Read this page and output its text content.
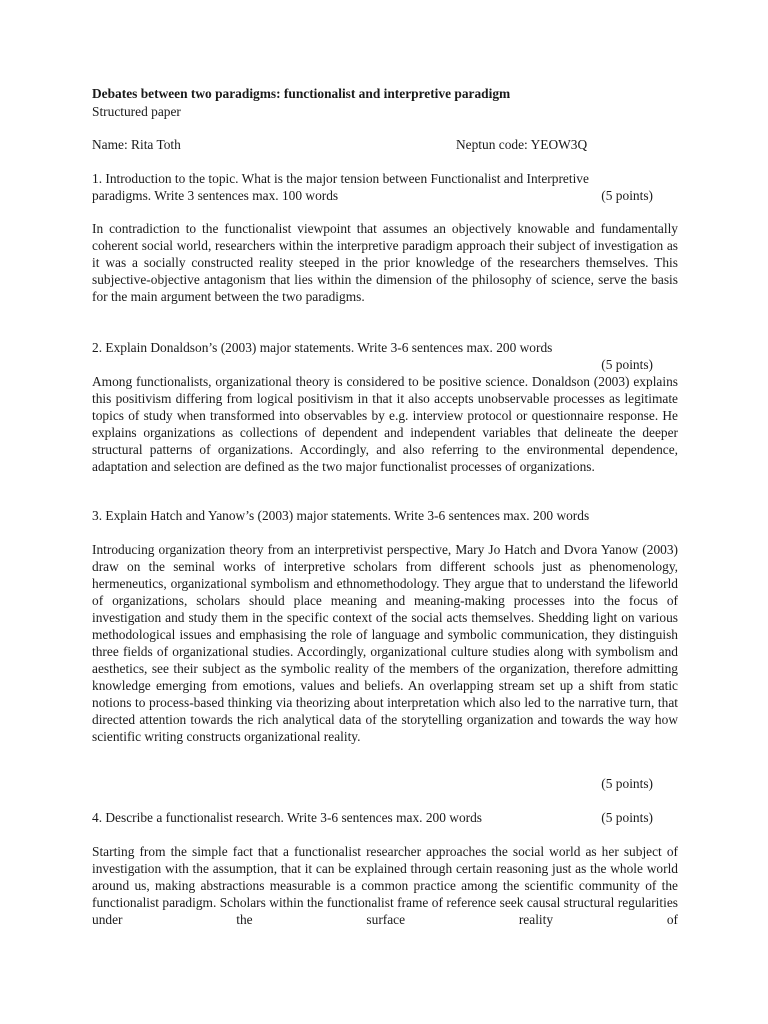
Debates between two paradigms: functionalist and interpretive paradigm
Structured paper
Name: Rita Toth	Neptun code: YEOW3Q
1. Introduction to the topic. What is the major tension between Functionalist and Interpretive
paradigms. Write 3 sentences max. 100 words	(5 points)

In contradiction to the functionalist viewpoint that assumes an objectively knowable and fundamentally coherent social world, researchers within the interpretive paradigm approach their subject of investigation as it was a socially constructed reality steeped in the prior knowledge of the researchers themselves. This subjective-objective antagonism that lies within the dimension of the philosophy of science, serve the basis for the main argument between the two paradigms.

2. Explain Donaldson’s (2003) major statements. Write 3-6 sentences max. 200 words
(5 points)

Among functionalists, organizational theory is considered to be positive science. Donaldson (2003) explains this positivism differing from logical positivism in that it also accepts unobservable processes as legitimate topics of study when transformed into observables by e.g. interview protocol or questionnaire response. He explains organizations as collections of dependent and independent variables that delineate the deeper structural patterns of organizations. Accordingly, and also referring to the environmental dependence, adaptation and selection are defined as the two major functionalist processes of organizations.

3. Explain Hatch and Yanow’s (2003) major statements. Write 3-6 sentences max. 200 words

Introducing organization theory from an interpretivist perspective, Mary Jo Hatch and Dvora Yanow (2003) draw on the seminal works of interpretive scholars from different schools just as phenomenology, hermeneutics, organizational symbolism and ethnomethodology. They argue that to understand the lifeworld of organizations, scholars should place meaning and meaning-making processes into the focus of investigation and study them in the specific context of the social acts themselves. Shedding light on various methodological issues and emphasising the role of language and symbolic communication, they distinguish three fields of organizational studies. Accordingly, organizational culture studies along with symbolism and aesthetics, see their subject as the symbolic reality of the members of the organization, therefore admitting knowledge emerging from emotions, values and beliefs. An overlapping stream set up a shift from static notions to process-based thinking via theorizing about interpretation which also led to the narrative turn, that directed attention towards the rich analytical data of the storytelling organization and towards the way how scientific writing constructs organizational reality.

(5 points)
4. Describe a functionalist research. Write 3-6 sentences max. 200 words	(5 points)

Starting from the simple fact that a functionalist researcher approaches the social world as her subject of investigation with the assumption, that it can be explained through certain reasoning just as the whole world around us, making abstractions measurable is a common practice among the scientific community of the functionalist paradigm. Scholars within the functionalist frame of reference seek causal structural regularities under the surface reality of
